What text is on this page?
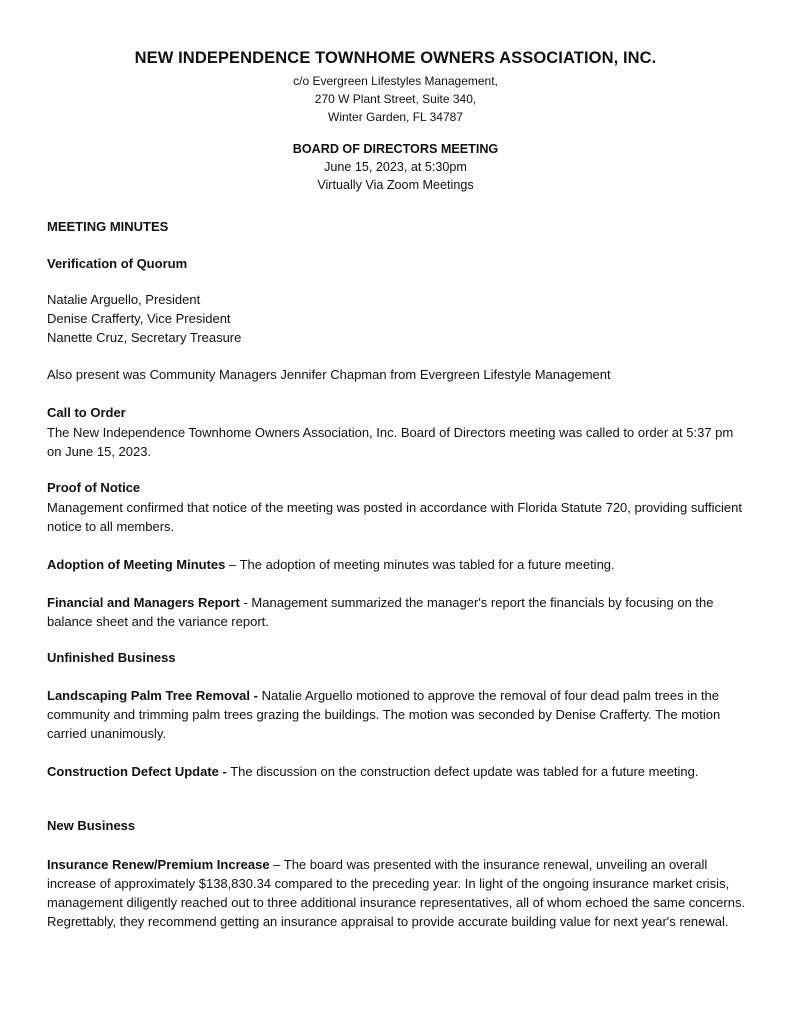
NEW INDEPENDENCE TOWNHOME OWNERS ASSOCIATION, INC.
c/o Evergreen Lifestyles Management,
270 W Plant Street, Suite 340,
Winter Garden, FL 34787
BOARD OF DIRECTORS MEETING
June 15, 2023, at 5:30pm
Virtually Via Zoom Meetings
MEETING MINUTES
Verification of Quorum
Natalie Arguello, President
Denise Crafferty, Vice President
Nanette Cruz, Secretary Treasure
Also present was Community Managers Jennifer Chapman from Evergreen Lifestyle Management
Call to Order
The New Independence Townhome Owners Association, Inc. Board of Directors meeting was called to order at 5:37 pm on June 15, 2023.
Proof of Notice
Management confirmed that notice of the meeting was posted in accordance with Florida Statute 720, providing sufficient notice to all members.
Adoption of Meeting Minutes – The adoption of meeting minutes was tabled for a future meeting.
Financial and Managers Report - Management summarized the manager's report the financials by focusing on the balance sheet and the variance report.
Unfinished Business
Landscaping Palm Tree Removal - Natalie Arguello motioned to approve the removal of four dead palm trees in the community and trimming palm trees grazing the buildings. The motion was seconded by Denise Crafferty. The motion carried unanimously.
Construction Defect Update - The discussion on the construction defect update was tabled for a future meeting.
New Business
Insurance Renew/Premium Increase – The board was presented with the insurance renewal, unveiling an overall increase of approximately $138,830.34 compared to the preceding year. In light of the ongoing insurance market crisis, management diligently reached out to three additional insurance representatives, all of whom echoed the same concerns. Regrettably, they recommend getting an insurance appraisal to provide accurate building value for next year's renewal.
